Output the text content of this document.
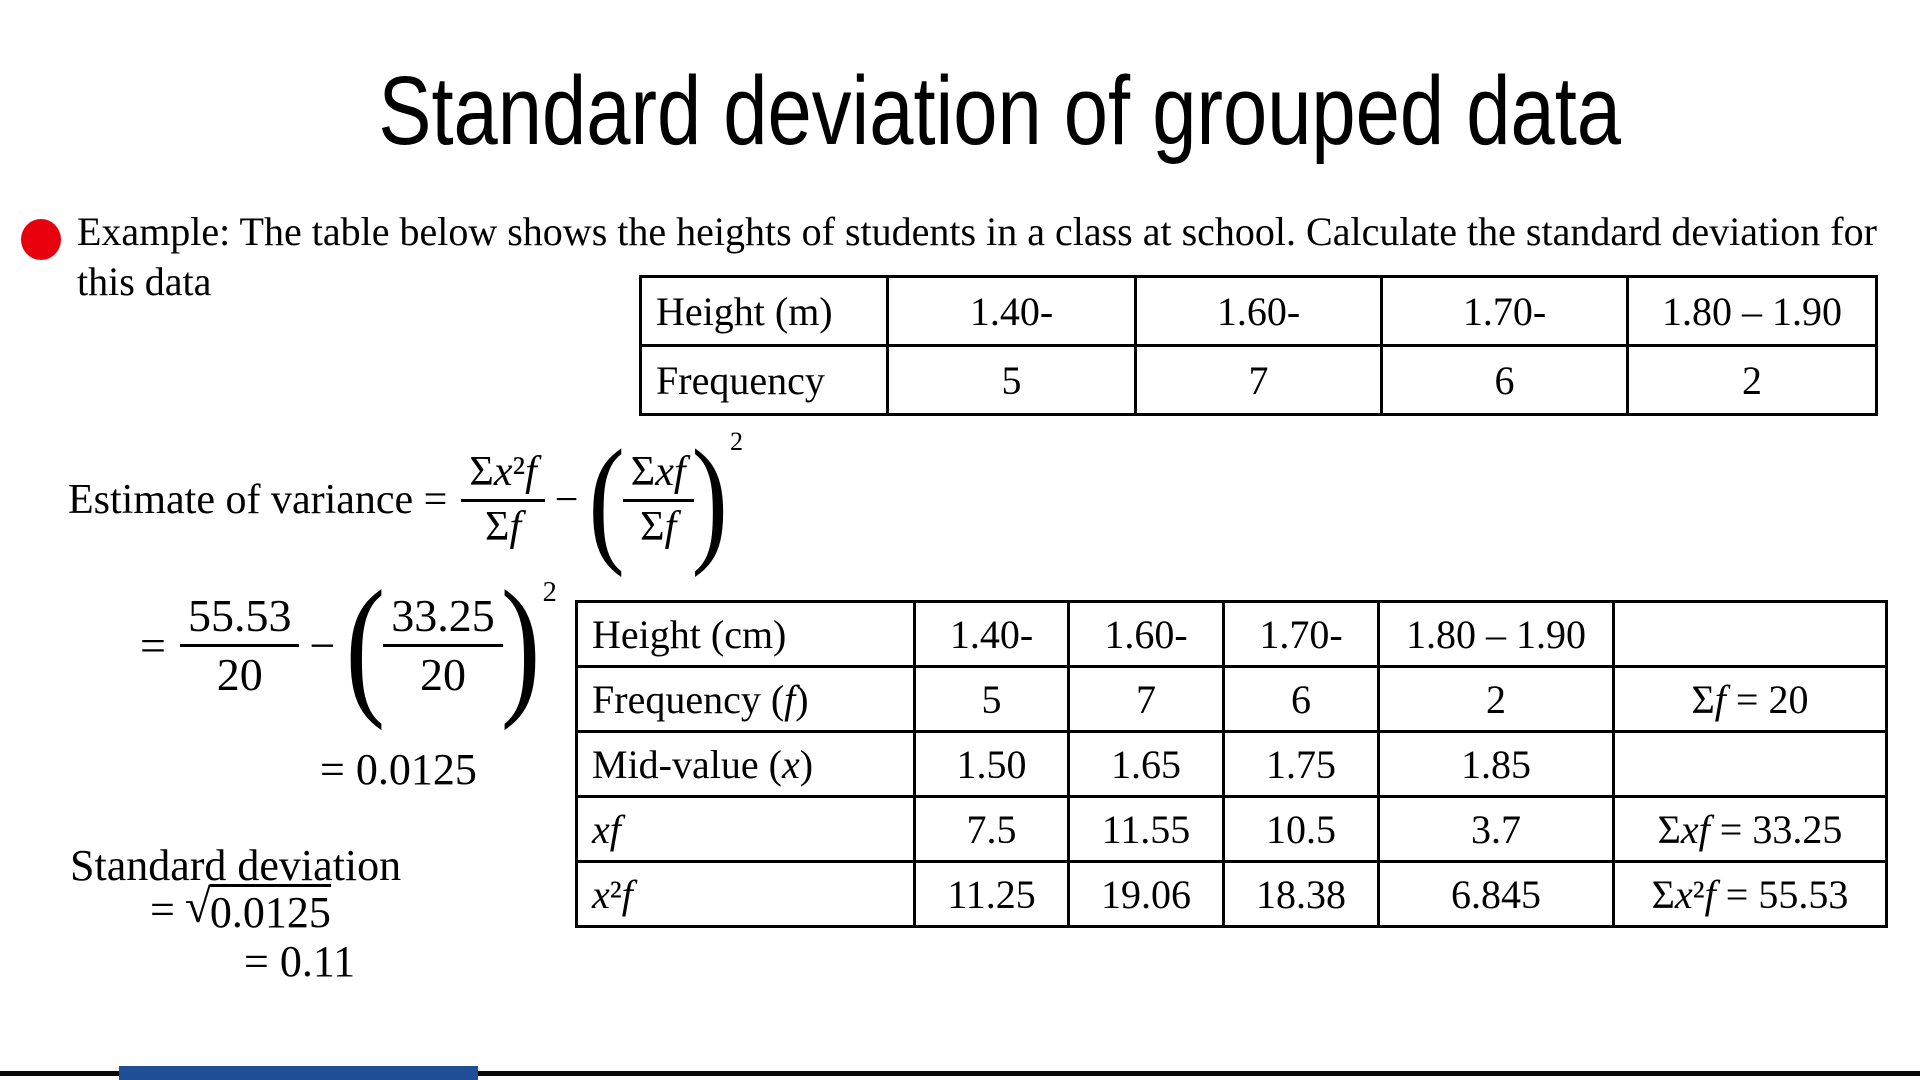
Standard deviation of grouped data
Example: The table below shows the heights of students in a class at school. Calculate the standard deviation for this data
Height (m)	1.40-	1.60-	1.70-	1.80 – 1.90
Frequency	5	7	6	2
Estimate of variance = $\frac{\text{Σx²f}}{\Sigma f}$ − (
$\frac{\text{Σxf}}{\Sigma f}$
) 2
= $\frac{55.53}{20}$ − (
$\frac{33.25}{20}$
) 2
= 0.0125
Standard deviation
= √ 0.0125
= 0.11
Height (cm)	1.40-	1.60-	1.70-	1.80 – 1.90	
Frequency (f)	5	7	6	2	Σf = 20
Mid-value (x)	1.50	1.65	1.75	1.85	
xf	7.5	11.55	10.5	3.7	Σxf = 33.25
x²f	11.25	19.06	18.38	6.845	Σx²f = 55.53
